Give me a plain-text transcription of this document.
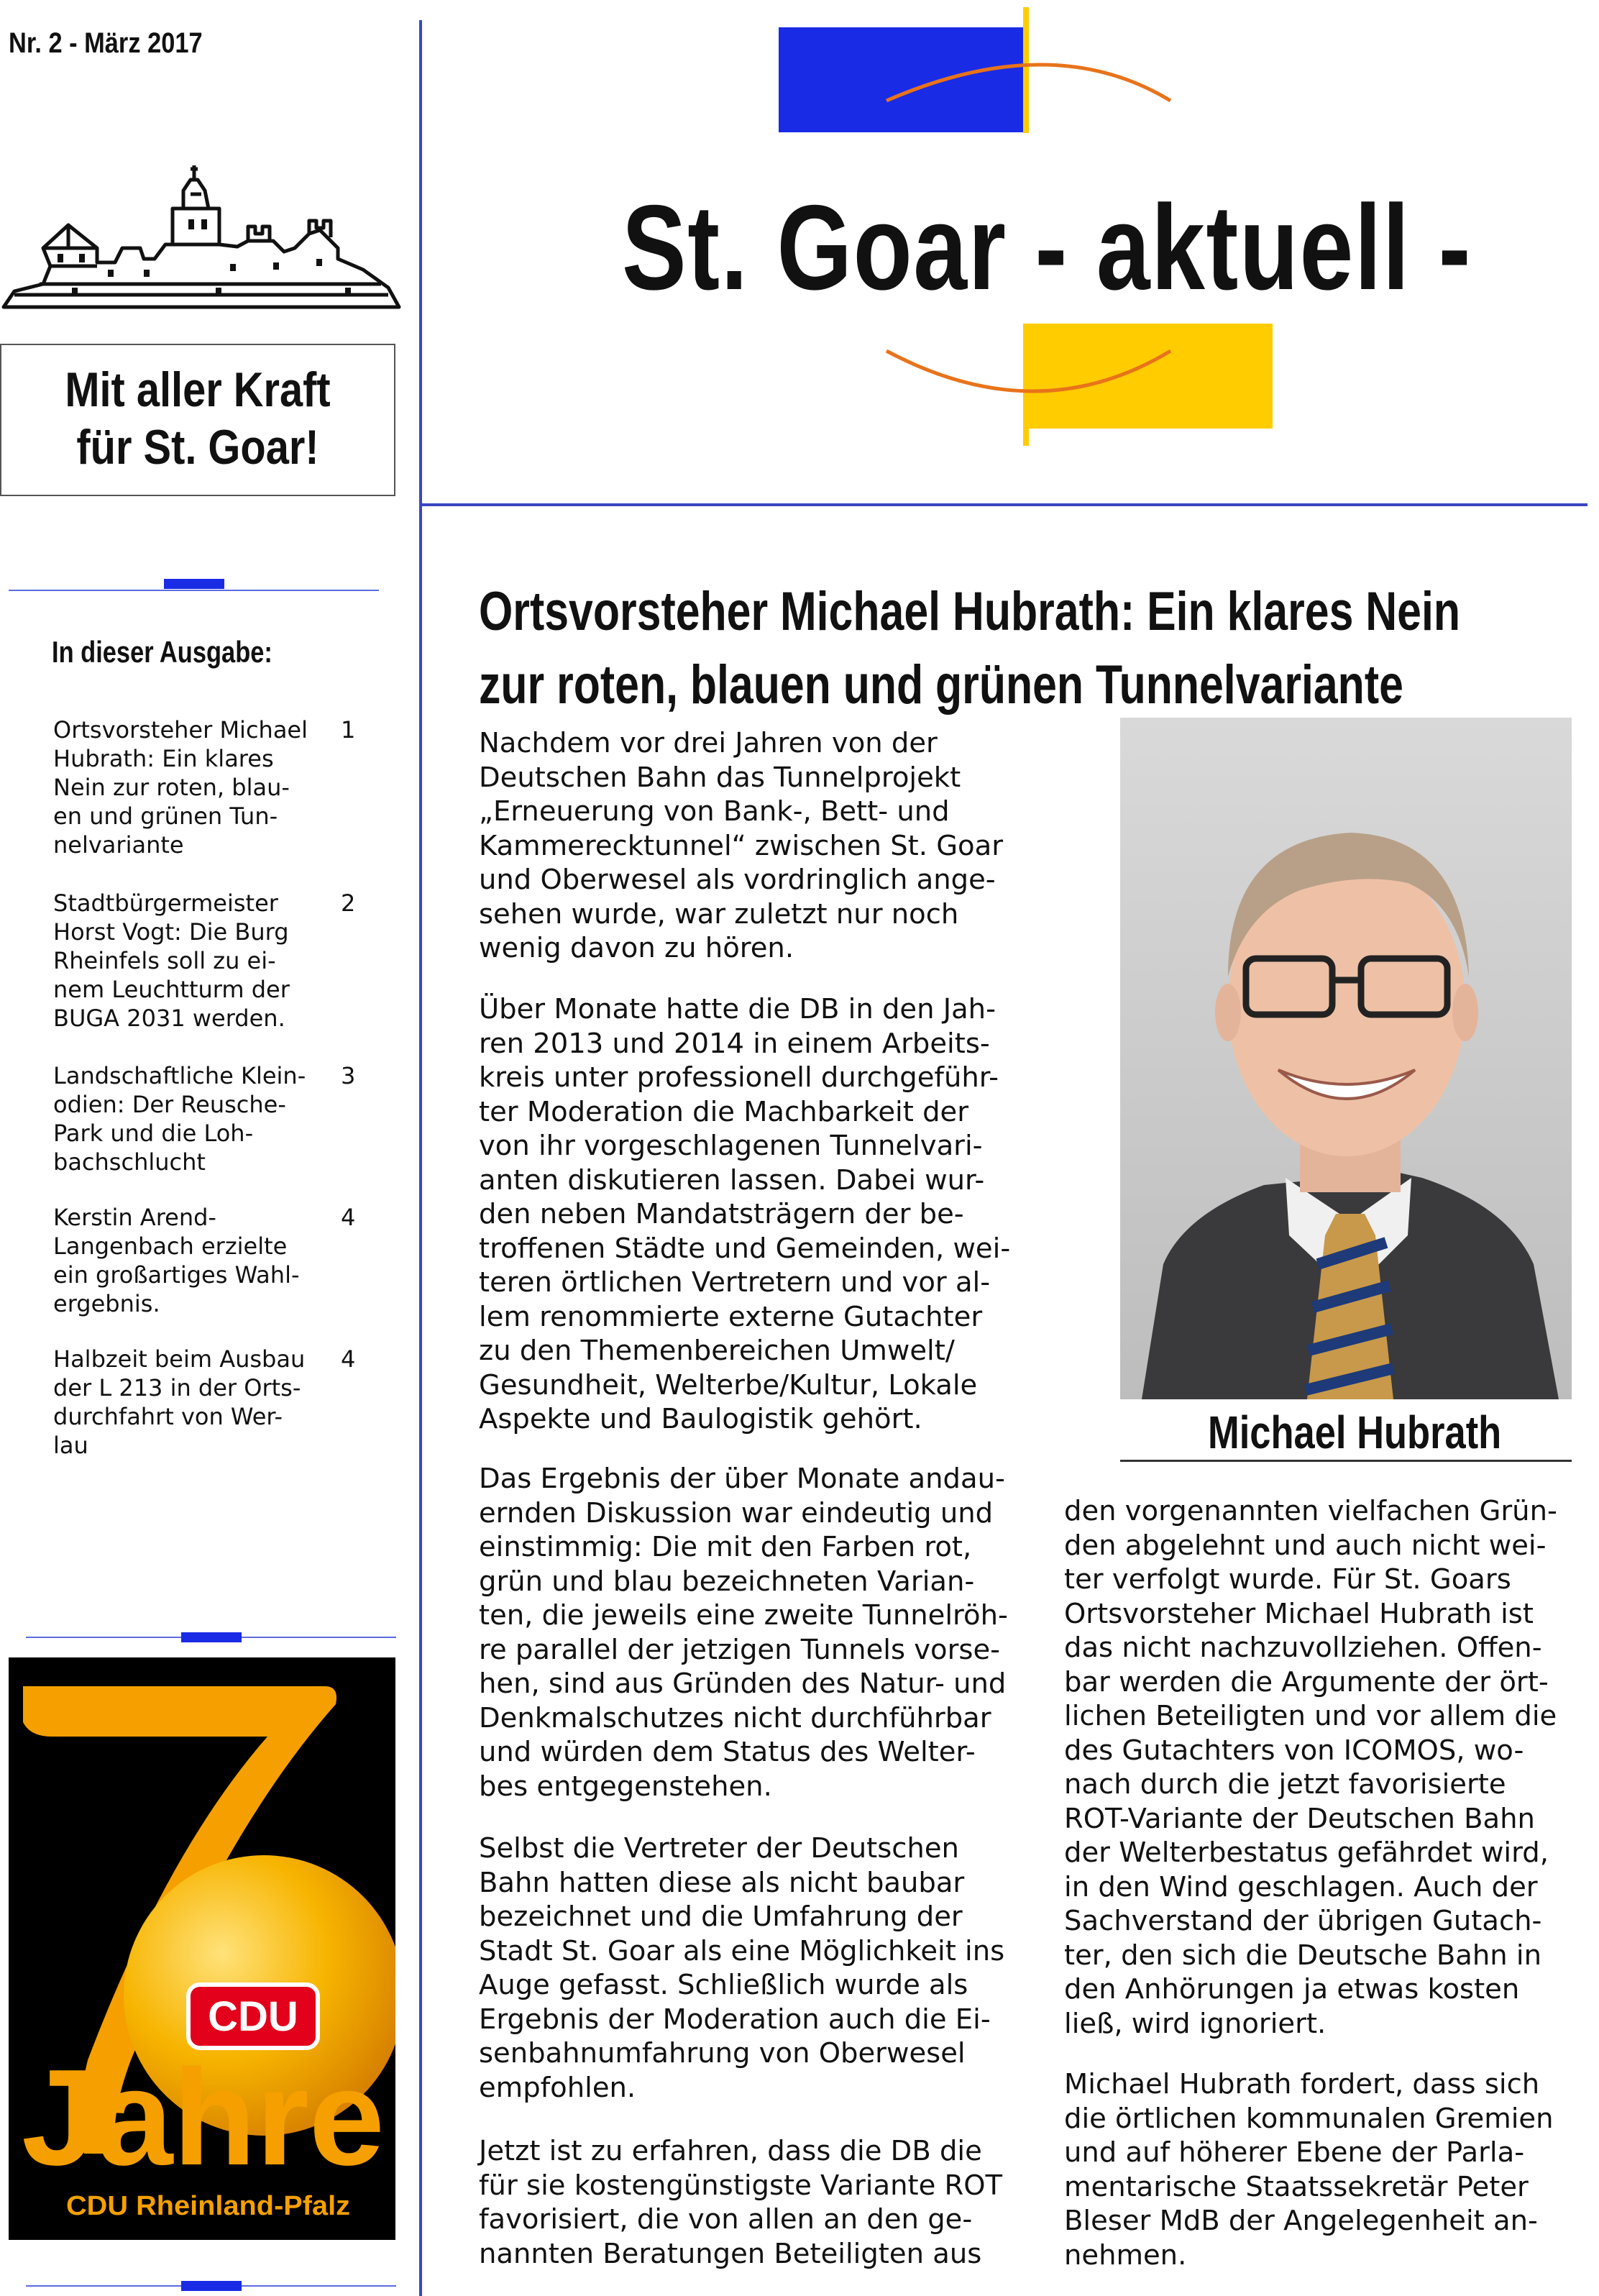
Nr. 2 - März 2017
Mit aller Kraft
für St. Goar!
St. Goar - aktuell -
In dieser Ausgabe:
Ortsvorsteher Michael
Hubrath: Ein klares
Nein zur roten, blau-
en und grünen Tun-
nelvariante
1
Stadtbürgermeister
Horst Vogt: Die Burg
Rheinfels soll zu ei-
nem Leuchtturm der
BUGA 2031 werden.
2
Landschaftliche Klein-
odien: Der Reusche-
Park und die Loh-
bachschlucht
3
Kerstin Arend-
Langenbach erzielte
ein großartiges Wahl-
ergebnis.
4
Halbzeit beim Ausbau
der L 213 in der Orts-
durchfahrt von Wer-
lau
4
CDU
Jahre
CDU Rheinland-Pfalz
70
Ortsvorsteher Michael Hubrath: Ein klares Nein
zur roten, blauen und grünen Tunnelvariante
Nachdem vor drei Jahren von der
Deutschen Bahn das Tunnelprojekt
„Erneuerung von Bank-, Bett- und
Kammerecktunnel“ zwischen St. Goar
und Oberwesel als vordringlich ange-
sehen wurde, war zuletzt nur noch
wenig davon zu hören.
Über Monate hatte die DB in den Jah-
ren 2013 und 2014 in einem Arbeits-
kreis unter professionell durchgeführ-
ter Moderation die Machbarkeit der
von ihr vorgeschlagenen Tunnelvari-
anten diskutieren lassen. Dabei wur-
den neben Mandatsträgern der be-
troffenen Städte und Gemeinden, wei-
teren örtlichen Vertretern und vor al-
lem renommierte externe Gutachter
zu den Themenbereichen Umwelt/
Gesundheit, Welterbe/Kultur, Lokale
Aspekte und Baulogistik gehört.
Das Ergebnis der über Monate andau-
ernden Diskussion war eindeutig und
einstimmig: Die mit den Farben rot,
grün und blau bezeichneten Varian-
ten, die jeweils eine zweite Tunnelröh-
re parallel der jetzigen Tunnels vorse-
hen, sind aus Gründen des Natur- und
Denkmalschutzes nicht durchführbar
und würden dem Status des Welter-
bes entgegenstehen.
Selbst die Vertreter der Deutschen
Bahn hatten diese als nicht baubar
bezeichnet und die Umfahrung der
Stadt St. Goar als eine Möglichkeit ins
Auge gefasst. Schließlich wurde als
Ergebnis der Moderation auch die Ei-
senbahnumfahrung von Oberwesel
empfohlen.
Jetzt ist zu erfahren, dass die DB die
für sie kostengünstigste Variante ROT
favorisiert, die von allen an den ge-
nannten Beratungen Beteiligten aus
Michael Hubrath
den vorgenannten vielfachen Grün-
den abgelehnt und auch nicht wei-
ter verfolgt wurde. Für St. Goars
Ortsvorsteher Michael Hubrath ist
das nicht nachzuvollziehen. Offen-
bar werden die Argumente der ört-
lichen Beteiligten und vor allem die
des Gutachters von ICOMOS, wo-
nach durch die jetzt favorisierte
ROT-Variante der Deutschen Bahn
der Welterbestatus gefährdet wird,
in den Wind geschlagen. Auch der
Sachverstand der übrigen Gutach-
ter, den sich die Deutsche Bahn in
den Anhörungen ja etwas kosten
ließ, wird ignoriert.
Michael Hubrath fordert, dass sich
die örtlichen kommunalen Gremien
und auf höherer Ebene der Parla-
mentarische Staatssekretär Peter
Bleser MdB der Angelegenheit an-
nehmen.
